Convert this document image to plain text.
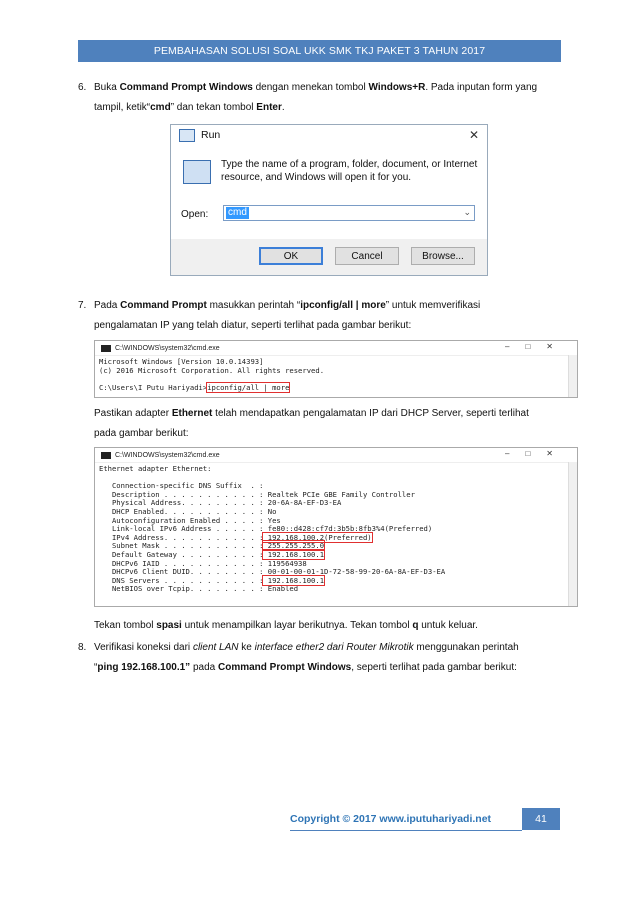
PEMBAHASAN SOLUSI SOAL UKK SMK TKJ PAKET 3 TAHUN 2017
6. Buka Command Prompt Windows dengan menekan tombol Windows+R. Pada inputan form yang
tampil, ketik“cmd” dan tekan tombol Enter.
Run	✕
Type the name of a program, folder, document, or Internet resource, and Windows will open it for you.
Open: cmd	⌄
OK	Cancel	Browse...
7. Pada Command Prompt masukkan perintah “ipconfig/all | more” untuk memverifikasi
pengalamatan IP yang telah diatur, seperti terlihat pada gambar berikut:
C:\WINDOWS\system32\cmd.exe	–□✕
Microsoft Windows [Version 10.0.14393]
(c) 2016 Microsoft Corporation. All rights reserved.

C:\Users\I Putu Hariyadi>ipconfig/all | more
Pastikan adapter Ethernet telah mendapatkan pengalamatan IP dari DHCP Server, seperti terlihat
pada gambar berikut:
C:\WINDOWS\system32\cmd.exe	–□✕
Ethernet adapter Ethernet:

Connection-specific DNS Suffix  . :
Description . . . . . . . . . . . : Realtek PCIe GBE Family Controller
Physical Address. . . . . . . . . : 20-6A-8A-EF-D3-EA
DHCP Enabled. . . . . . . . . . . : No
Autoconfiguration Enabled . . . . : Yes
Link-local IPv6 Address . . . . . : fe80::d428:cf7d:3b5b:8fb3%4(Preferred)
IPv4 Address. . . . . . . . . . . : 192.168.100.2(Preferred)
Subnet Mask . . . . . . . . . . . : 255.255.255.0
Default Gateway . . . . . . . . . : 192.168.100.1
DHCPv6 IAID . . . . . . . . . . . : 119564938
DHCPv6 Client DUID. . . . . . . . : 00-01-00-01-1D-72-58-99-20-6A-8A-EF-D3-EA
DNS Servers . . . . . . . . . . . : 192.168.100.1
NetBIOS over Tcpip. . . . . . . . : Enabled
Tekan tombol spasi untuk menampilkan layar berikutnya. Tekan tombol q untuk keluar.
8. Verifikasi koneksi dari client LAN ke interface ether2 dari Router Mikrotik menggunakan perintah
“ping 192.168.100.1” pada Command Prompt Windows, seperti terlihat pada gambar berikut:
Copyright © 2017 www.iputuhariyadi.net	41
